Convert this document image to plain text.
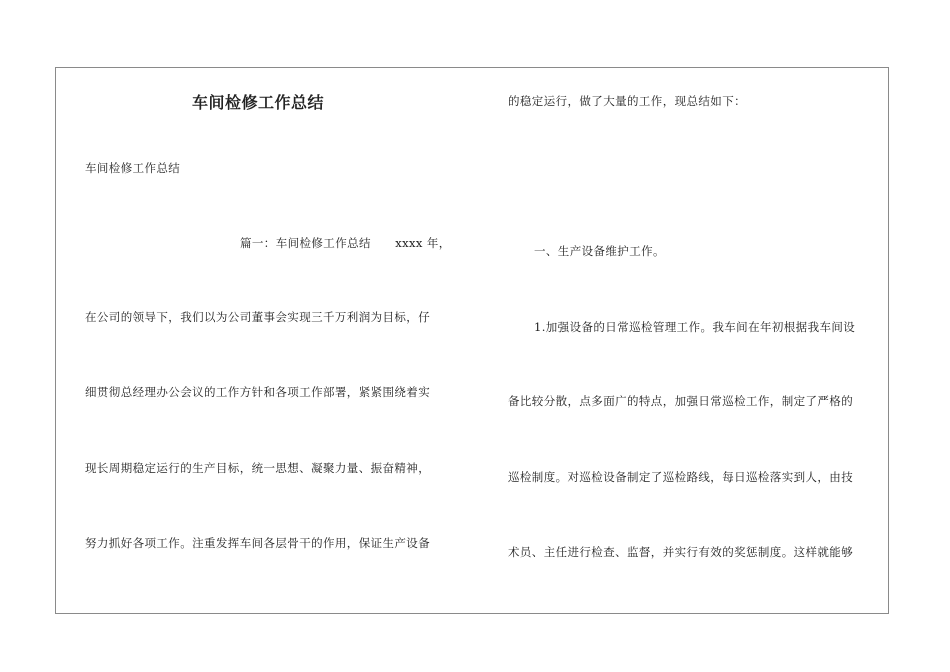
车间检修工作总结
车间检修工作总结
篇一：车间检修工作总结      xxxx 年，
在公司的领导下，我们以为公司董事会实现三千万利润为目标，仔
细贯彻总经理办公会议的工作方针和各项工作部署，紧紧围绕着实
现长周期稳定运行的生产目标，统一思想、凝聚力量、振奋精神，
努力抓好各项工作。注重发挥车间各层骨干的作用，保证生产设备
的稳定运行，做了大量的工作，现总结如下：
一、生产设备维护工作。
1.加强设备的日常巡检管理工作。我车间在年初根据我车间设
备比较分散，点多面广的特点，加强日常巡检工作，制定了严格的
巡检制度。对巡检设备制定了巡检路线，每日巡检落实到人，由技
术员、主任进行检查、监督，并实行有效的奖惩制度。这样就能够
